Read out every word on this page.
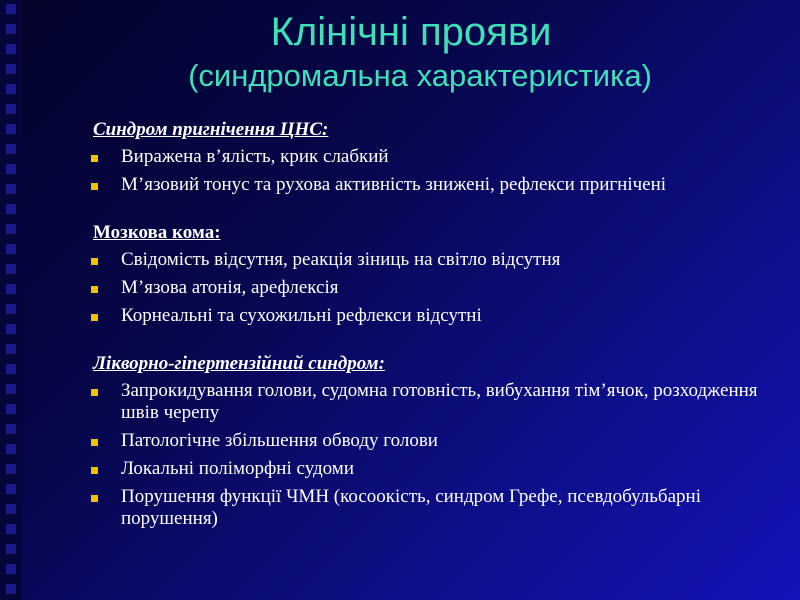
Клінічні прояви
(синдромальна характеристика)
Синдром пригнічення ЦНС:
Виражена в’ялість, крик слабкий
М’язовий тонус та рухова активність знижені, рефлекси пригнічені
Мозкова кома:
Свідомість відсутня, реакція зіниць на світло відсутня
М’язова атонія, арефлексія
Корнеальні та сухожильні рефлекси відсутні
Лікворно-гіпертензійний синдром:
Запрокидування голови, судомна готовність, вибухання тім’ячок, розходження швів черепу
Патологічне збільшення обводу голови
Локальні поліморфні судоми
Порушення функції ЧМН (косоокість, синдром Грефе, псевдобульбарні порушення)
